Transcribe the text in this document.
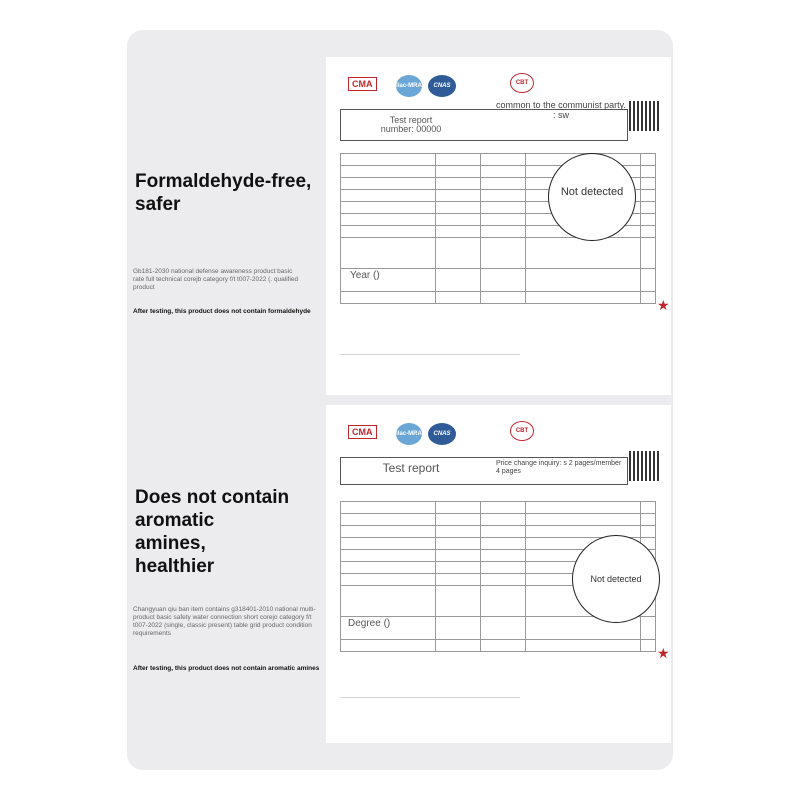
Formaldehyde-free,
safer
Gb181-2030 national defense awareness product basic rate full technical corejb category f/t t007-2022 (. qualified product
After testing, this product does not contain formaldehyde
Does not contain
aromatic
amines,
healthier
Changyuan qiu ban item contains g318401-2010 national multi-product basic safety water connection short corejo category f/t t007-2022 (single, classic present) table grid product condition requirements
After testing, this product does not contain aromatic amines
CMA	ilac-MRA	CNAS	CBT
Test report
number: 00000
common to the communist party. : sw

Year ()
Not detected
————————————————————————————————————————
★
CMA	ilac-MRA	CNAS	CBT
Test report	Price change inquiry: s 2 pages/member 4 pages

Degree ()
Not detected
————————————————————————————————————————
★
